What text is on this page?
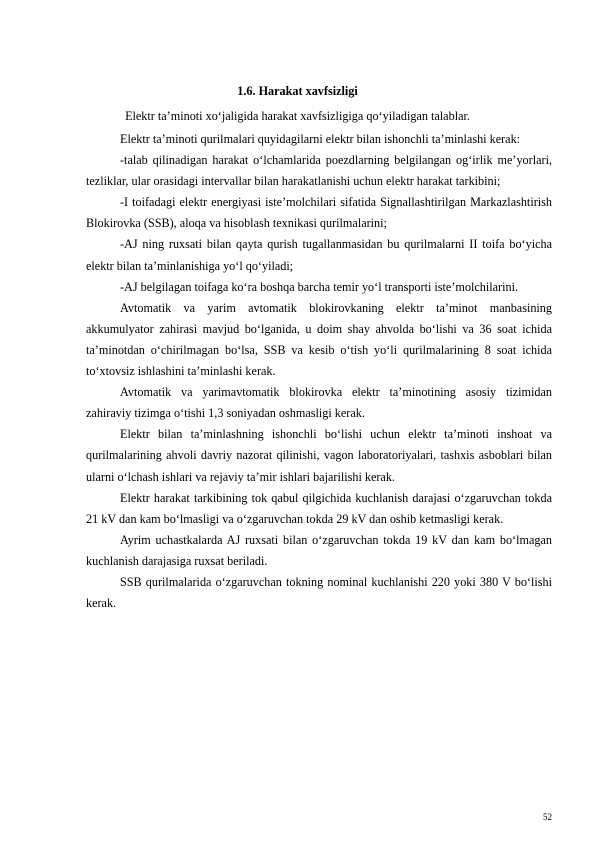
1.6. Harakat xavfsizligi
Elektr ta’minoti xo‘jaligida harakat xavfsizligiga qo‘yiladigan talablar.

Elektr ta’minoti qurilmalari quyidagilarni elektr bilan ishonchli ta’minlashi kerak:

-talab qilinadigan harakat o‘lchamlarida poezdlarning belgilangan og‘irlik me’yorlari, tezliklar, ular orasidagi intervallar bilan harakatlanishi uchun elektr harakat tarkibini;

-I toifadagi elektr energiyasi iste’molchilari sifatida Signallashtirilgan Markazlashtirish Blokirovka (SSB), aloqa va hisoblash texnikasi qurilmalarini;

-AJ ning ruxsati bilan qayta qurish tugallanmasidan bu qurilmalarni II toifa bo‘yicha elektr bilan ta’minlanishiga yo‘l qo‘yiladi;

-AJ belgilagan toifaga ko‘ra boshqa barcha temir yo‘l transporti iste’molchilarini.

Avtomatik va yarim avtomatik blokirovkaning elektr ta’minot manbasining akkumulyator zahirasi mavjud bo‘lganida, u doim shay ahvolda bo‘lishi va 36 soat ichida ta’minotdan o‘chirilmagan bo‘lsa, SSB va kesib o‘tish yo‘li qurilmalarining 8 soat ichida to‘xtovsiz ishlashini ta’minlashi kerak.

Avtomatik va yarimavtomatik blokirovka elektr ta’minotining asosiy tizimidan zahiraviy tizimga o‘tishi 1,3 soniyadan oshmasligi kerak.

Elektr bilan ta’minlashning ishonchli bo‘lishi uchun elektr ta’minoti inshoat va qurilmalarining ahvoli davriy nazorat qilinishi, vagon laboratoriyalari, tashxis asboblari bilan ularni o‘lchash ishlari va rejaviy ta’mir ishlari bajarilishi kerak.

Elektr harakat tarkibining tok qabul qilgichida kuchlanish darajasi o‘zgaruvchan tokda 21 kV dan kam bo‘lmasligi va o‘zgaruvchan tokda 29 kV dan oshib ketmasligi kerak.

Ayrim uchastkalarda AJ ruxsati bilan o‘zgaruvchan tokda 19 kV dan kam bo‘lmagan kuchlanish darajasiga ruxsat beriladi.

SSB qurilmalarida o‘zgaruvchan tokning nominal kuchlanishi 220 yoki 380 V bo‘lishi kerak.

52
